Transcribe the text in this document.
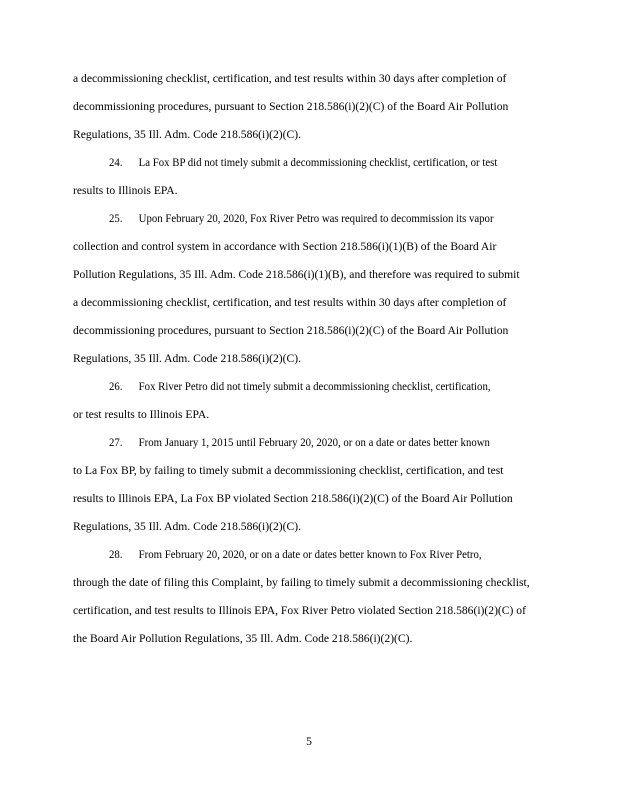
a decommissioning checklist, certification, and test results within 30 days after completion of
decommissioning procedures, pursuant to Section 218.586(i)(2)(C) of the Board Air Pollution
Regulations, 35 Ill. Adm. Code 218.586(i)(2)(C).
24.      La Fox BP did not timely submit a decommissioning checklist, certification, or test
results to Illinois EPA.
25.      Upon February 20, 2020, Fox River Petro was required to decommission its vapor
collection and control system in accordance with Section 218.586(i)(1)(B) of the Board Air
Pollution Regulations, 35 Ill. Adm. Code 218.586(i)(1)(B), and therefore was required to submit
a decommissioning checklist, certification, and test results within 30 days after completion of
decommissioning procedures, pursuant to Section 218.586(i)(2)(C) of the Board Air Pollution
Regulations, 35 Ill. Adm. Code 218.586(i)(2)(C).
26.      Fox River Petro did not timely submit a decommissioning checklist, certification,
or test results to Illinois EPA.
27.      From January 1, 2015 until February 20, 2020, or on a date or dates better known
to La Fox BP, by failing to timely submit a decommissioning checklist, certification, and test
results to Illinois EPA, La Fox BP violated Section 218.586(i)(2)(C) of the Board Air Pollution
Regulations, 35 Ill. Adm. Code 218.586(i)(2)(C).
28.      From February 20, 2020, or on a date or dates better known to Fox River Petro,
through the date of filing this Complaint, by failing to timely submit a decommissioning checklist,
certification, and test results to Illinois EPA, Fox River Petro violated Section 218.586(i)(2)(C) of
the Board Air Pollution Regulations, 35 Ill. Adm. Code 218.586(i)(2)(C).
5
